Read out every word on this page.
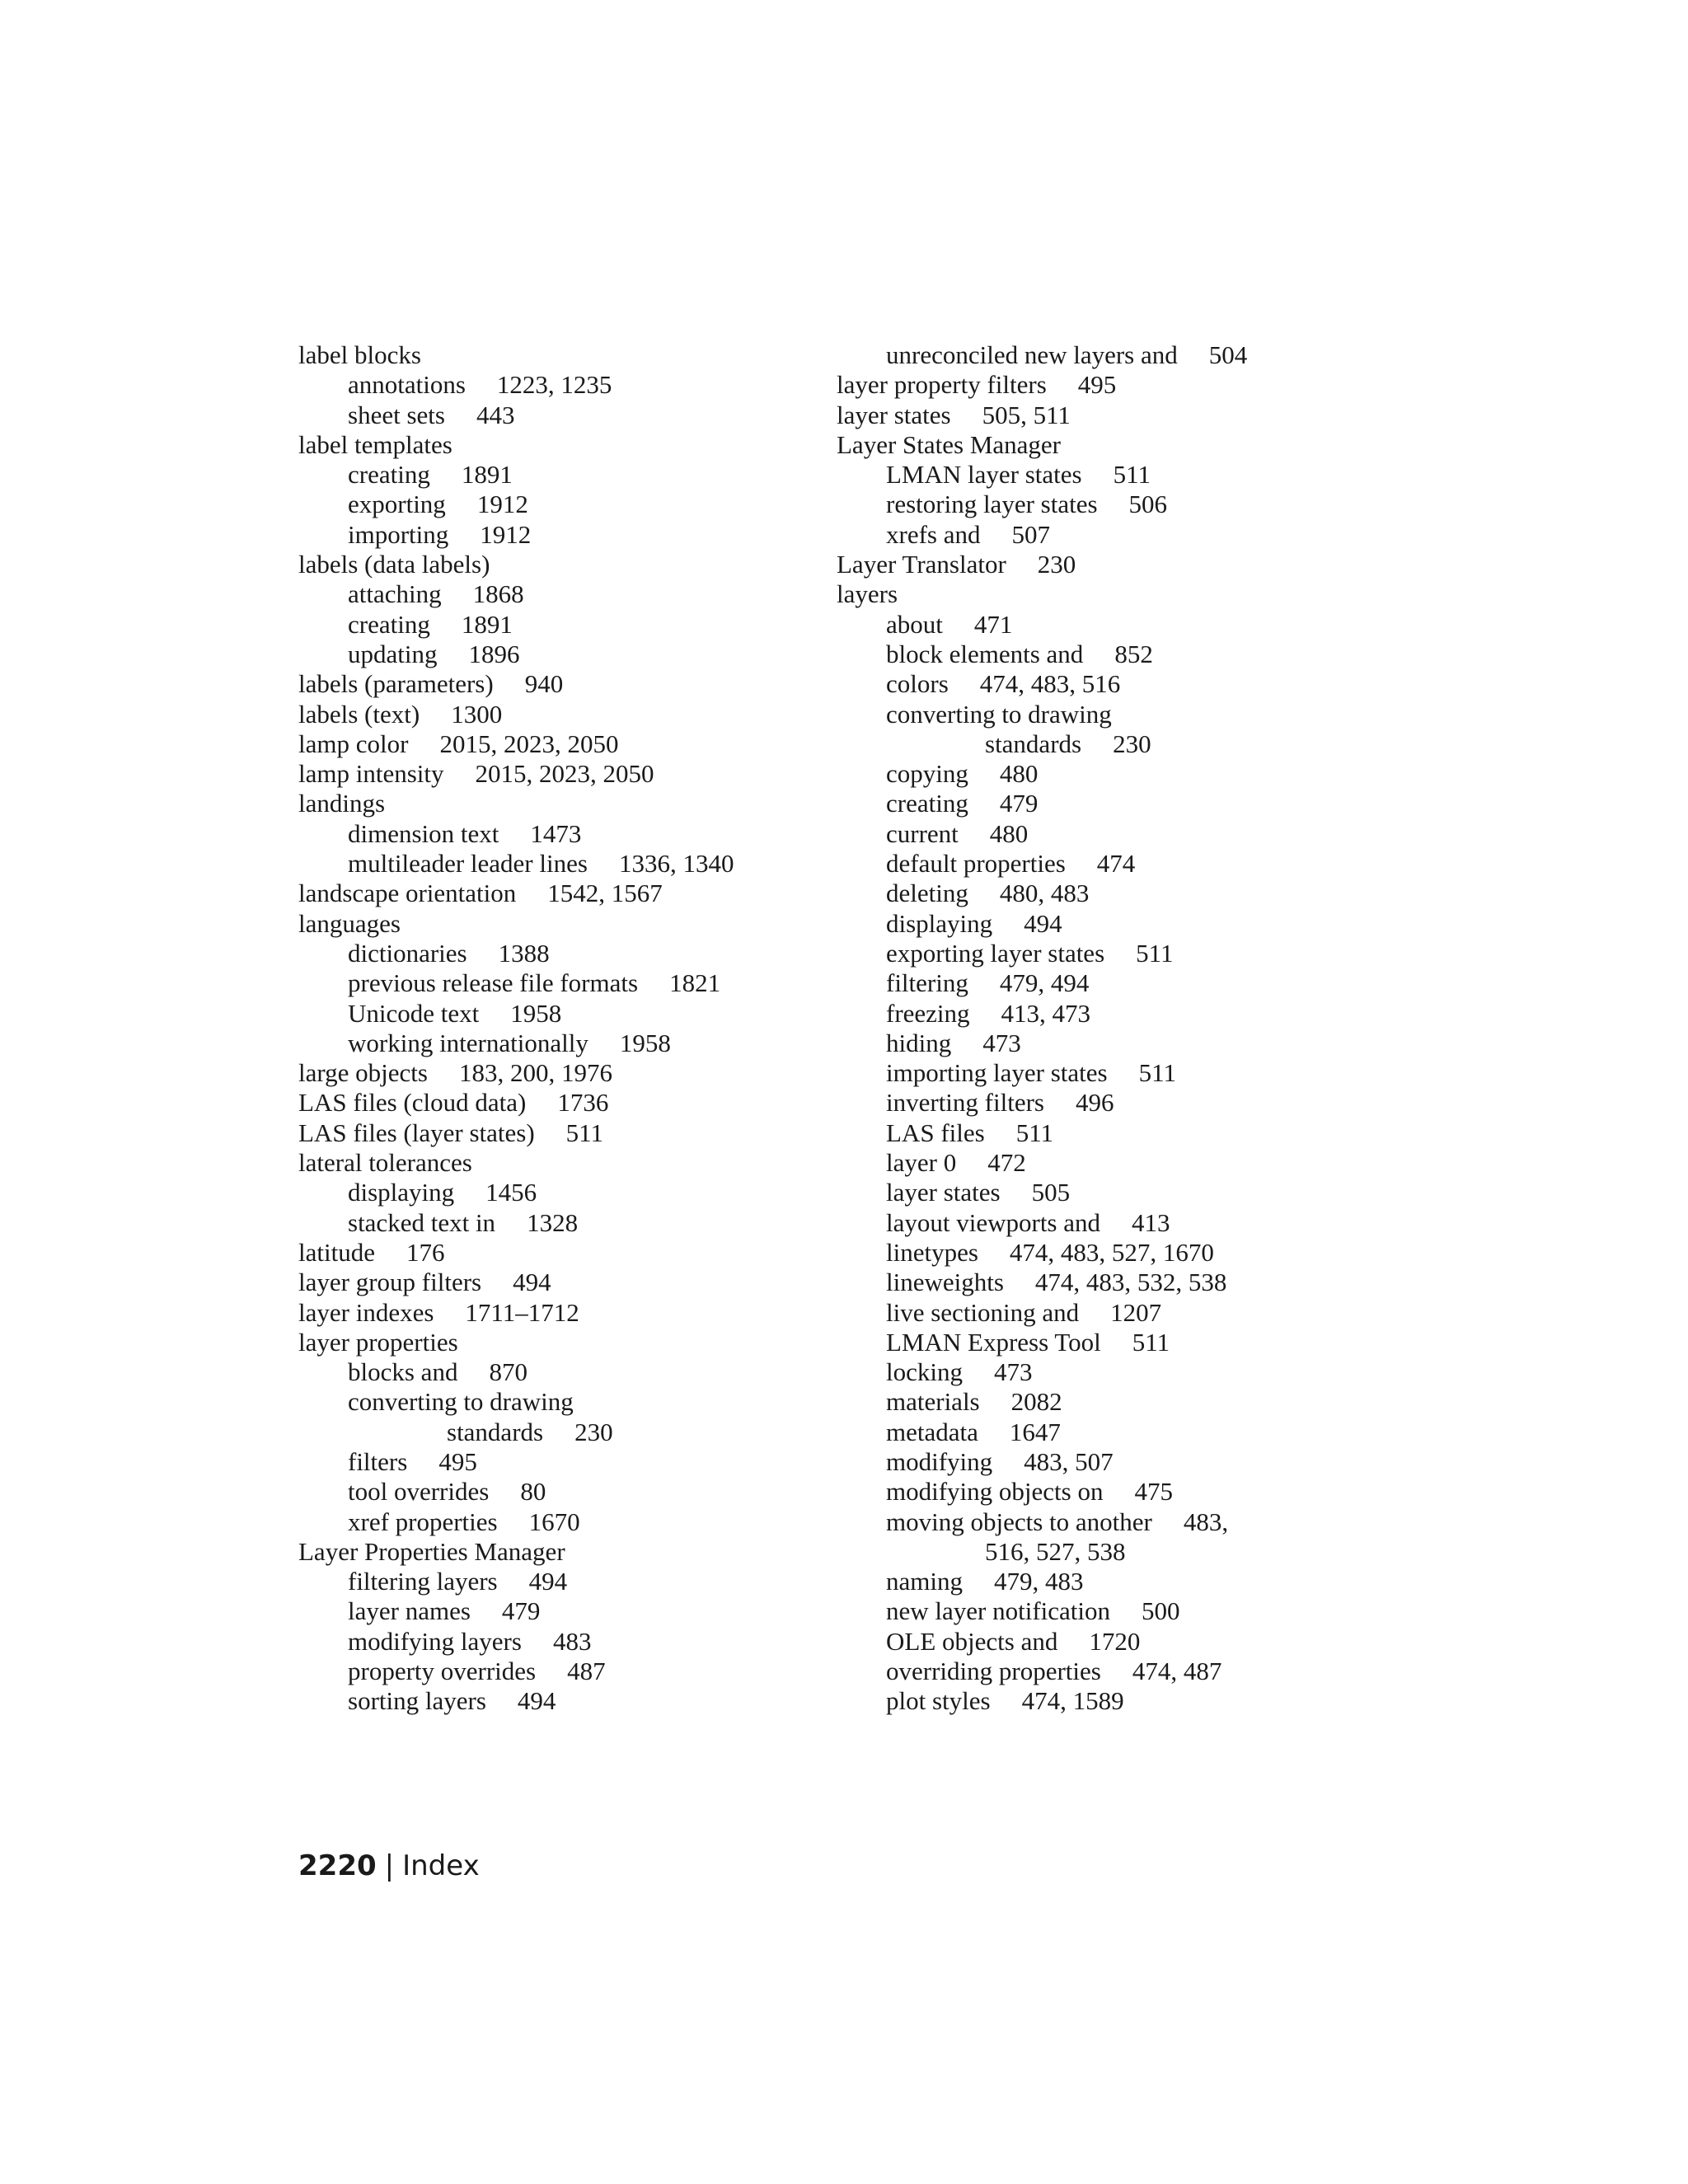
label blocks
annotations 1223, 1235
sheet sets 443
label templates
creating 1891
exporting 1912
importing 1912
labels (data labels)
attaching 1868
creating 1891
updating 1896
labels (parameters) 940
labels (text) 1300
lamp color 2015, 2023, 2050
lamp intensity 2015, 2023, 2050
landings
dimension text 1473
multileader leader lines 1336, 1340
landscape orientation 1542, 1567
languages
dictionaries 1388
previous release file formats 1821
Unicode text 1958
working internationally 1958
large objects 183, 200, 1976
LAS files (cloud data) 1736
LAS files (layer states) 511
lateral tolerances
displaying 1456
stacked text in 1328
latitude 176
layer group filters 494
layer indexes 1711–1712
layer properties
blocks and 870
converting to drawing
standards 230
filters 495
tool overrides 80
xref properties 1670
Layer Properties Manager
filtering layers 494
layer names 479
modifying layers 483
property overrides 487
sorting layers 494
unreconciled new layers and 504
layer property filters 495
layer states 505, 511
Layer States Manager
LMAN layer states 511
restoring layer states 506
xrefs and 507
Layer Translator 230
layers
about 471
block elements and 852
colors 474, 483, 516
converting to drawing
standards 230
copying 480
creating 479
current 480
default properties 474
deleting 480, 483
displaying 494
exporting layer states 511
filtering 479, 494
freezing 413, 473
hiding 473
importing layer states 511
inverting filters 496
LAS files 511
layer 0 472
layer states 505
layout viewports and 413
linetypes 474, 483, 527, 1670
lineweights 474, 483, 532, 538
live sectioning and 1207
LMAN Express Tool 511
locking 473
materials 2082
metadata 1647
modifying 483, 507
modifying objects on 475
moving objects to another 483,
516, 527, 538
naming 479, 483
new layer notification 500
OLE objects and 1720
overriding properties 474, 487
plot styles 474, 1589
2220 | Index
